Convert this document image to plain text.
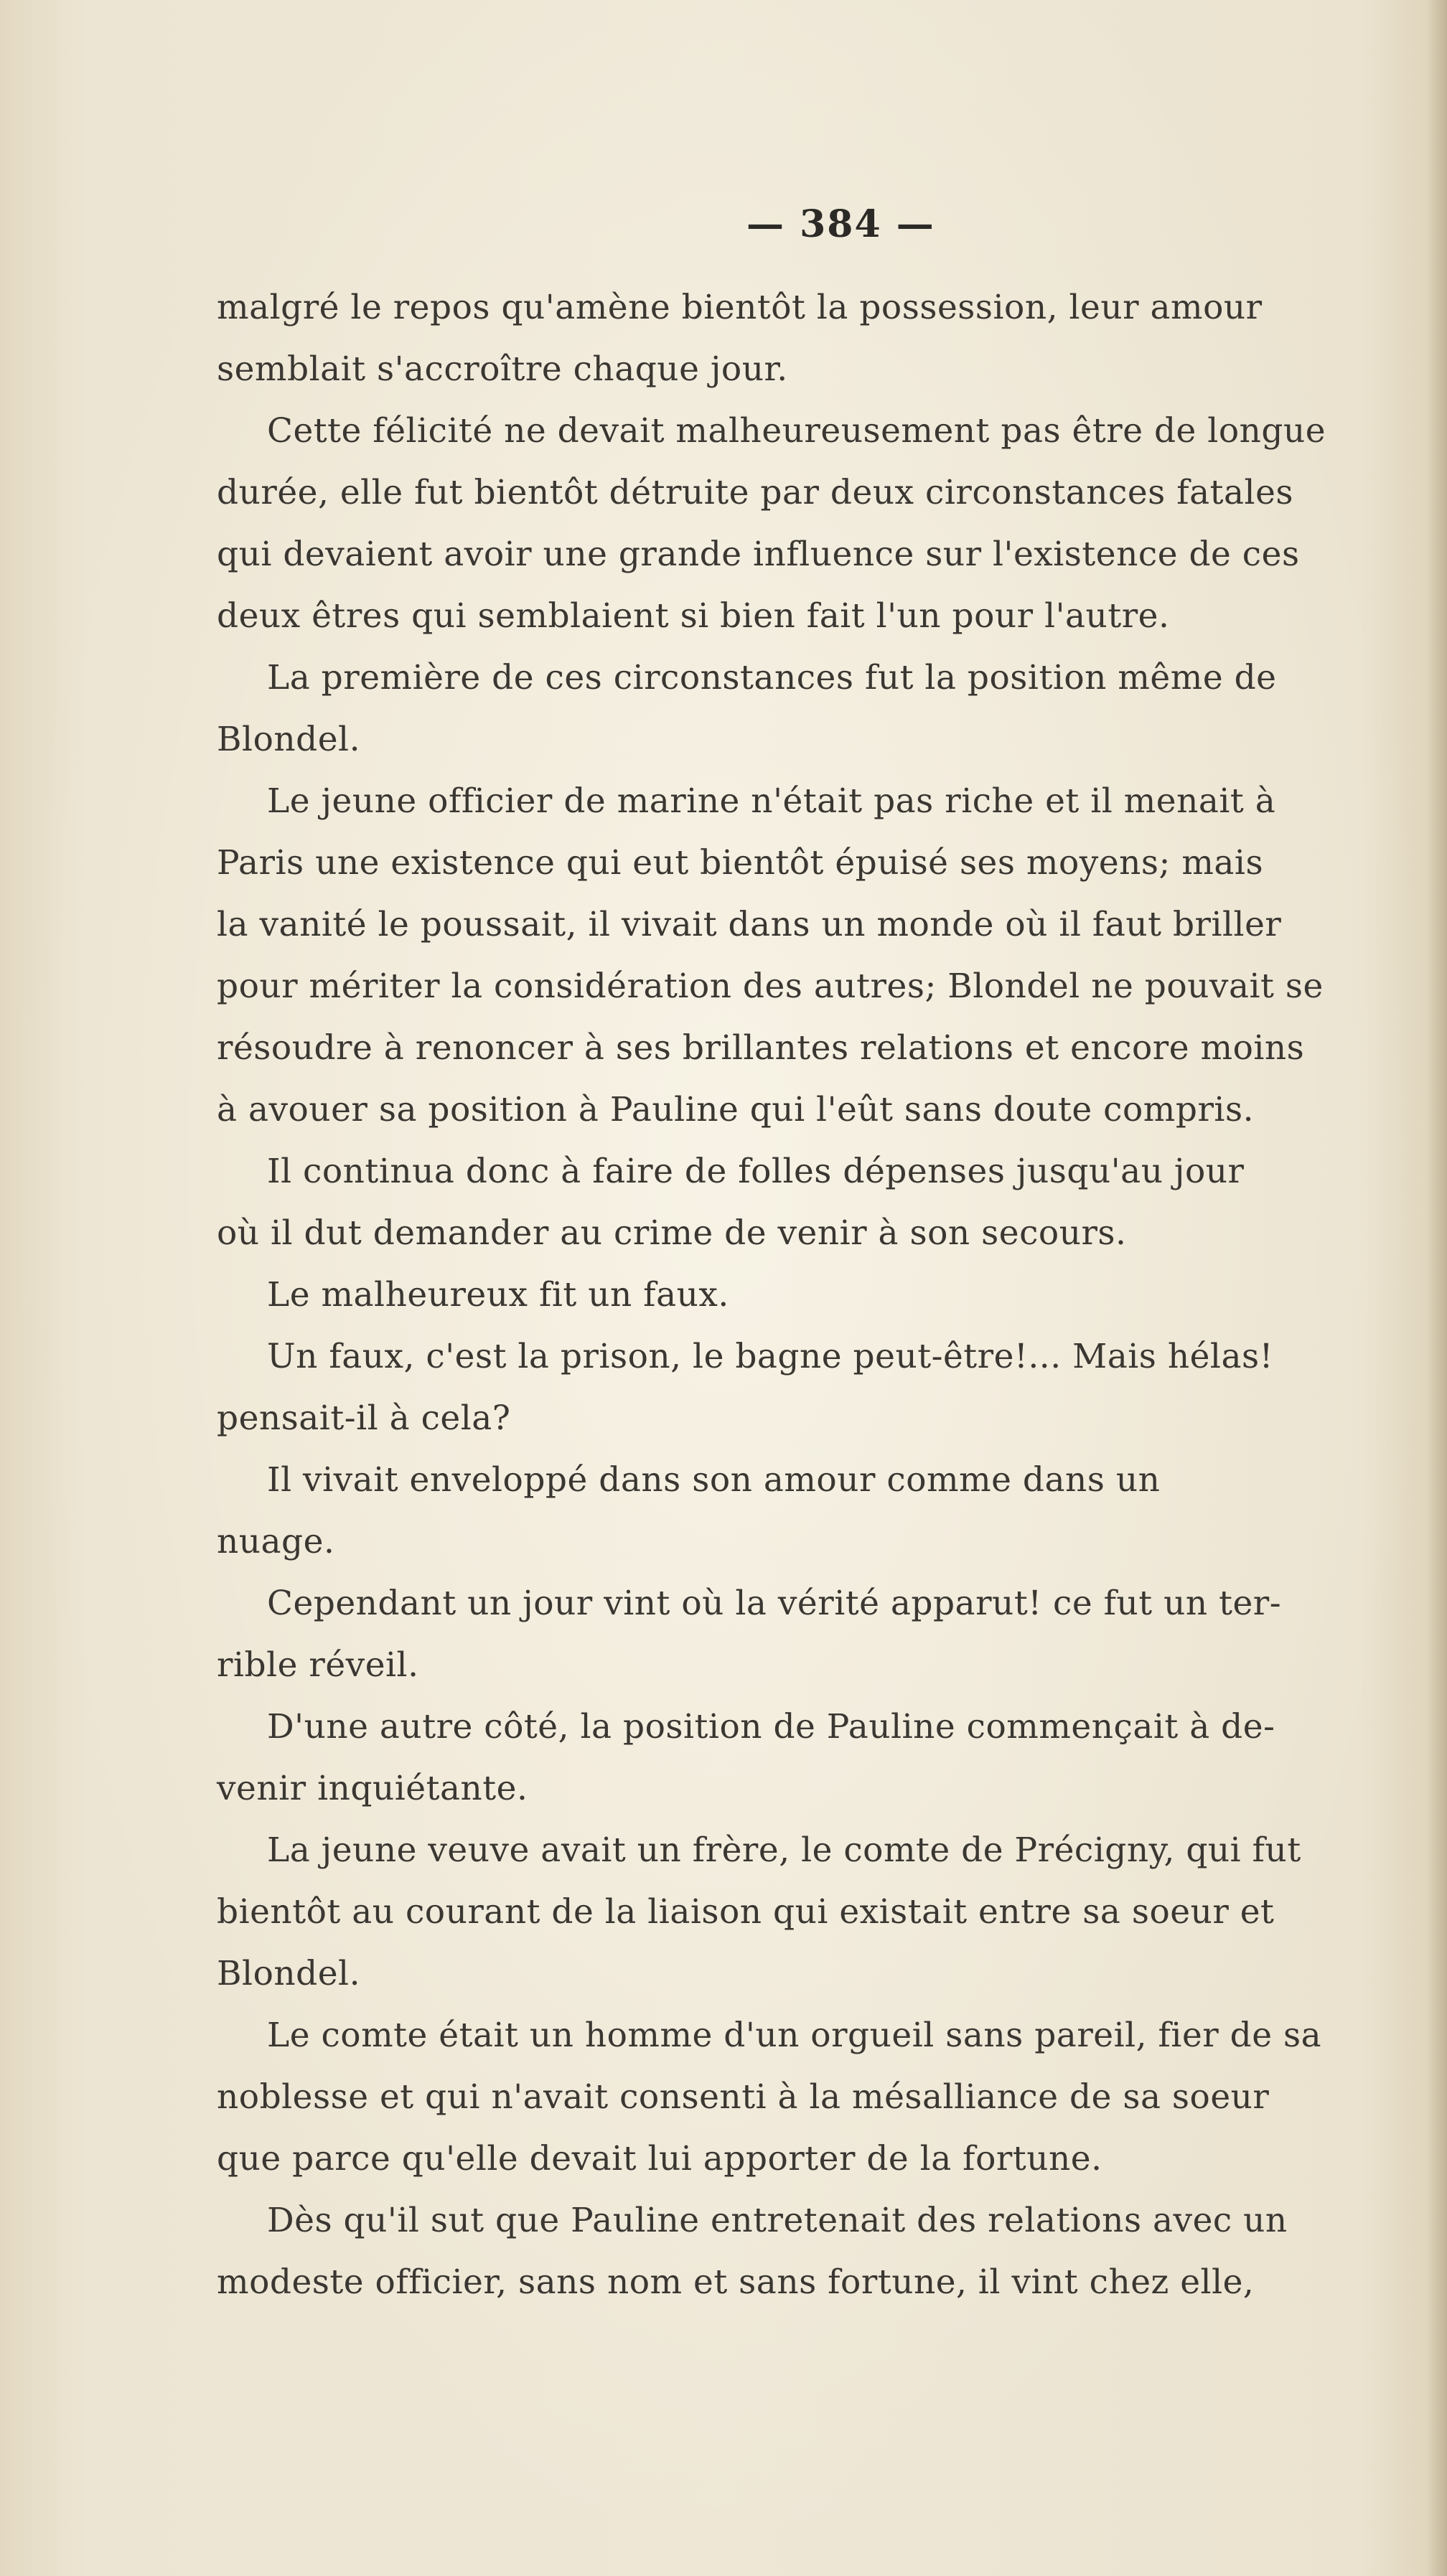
— 384 —
malgré le repos qu'amène bientôt la possession, leur amour
semblait s'accroître chaque jour.
Cette félicité ne devait malheureusement pas être de longue
durée, elle fut bientôt détruite par deux circonstances fatales
qui devaient avoir une grande influence sur l'existence de ces
deux êtres qui semblaient si bien fait l'un pour l'autre.
La première de ces circonstances fut la position même de
Blondel.
Le jeune officier de marine n'était pas riche et il menait à
Paris une existence qui eut bientôt épuisé ses moyens; mais
la vanité le poussait, il vivait dans un monde où il faut briller
pour mériter la considération des autres; Blondel ne pouvait se
résoudre à renoncer à ses brillantes relations et encore moins
à avouer sa position à Pauline qui l'eût sans doute compris.
Il continua donc à faire de folles dépenses jusqu'au jour
où il dut demander au crime de venir à son secours.
Le malheureux fit un faux.
Un faux, c'est la prison, le bagne peut-être!... Mais hélas!
pensait-il à cela?
Il vivait enveloppé dans son amour comme dans un
nuage.
Cependant un jour vint où la vérité apparut! ce fut un ter-
rible réveil.
D'une autre côté, la position de Pauline commençait à de-
venir inquiétante.
La jeune veuve avait un frère, le comte de Précigny, qui fut
bientôt au courant de la liaison qui existait entre sa soeur et
Blondel.
Le comte était un homme d'un orgueil sans pareil, fier de sa
noblesse et qui n'avait consenti à la mésalliance de sa soeur
que parce qu'elle devait lui apporter de la fortune.
Dès qu'il sut que Pauline entretenait des relations avec un
modeste officier, sans nom et sans fortune, il vint chez elle,
